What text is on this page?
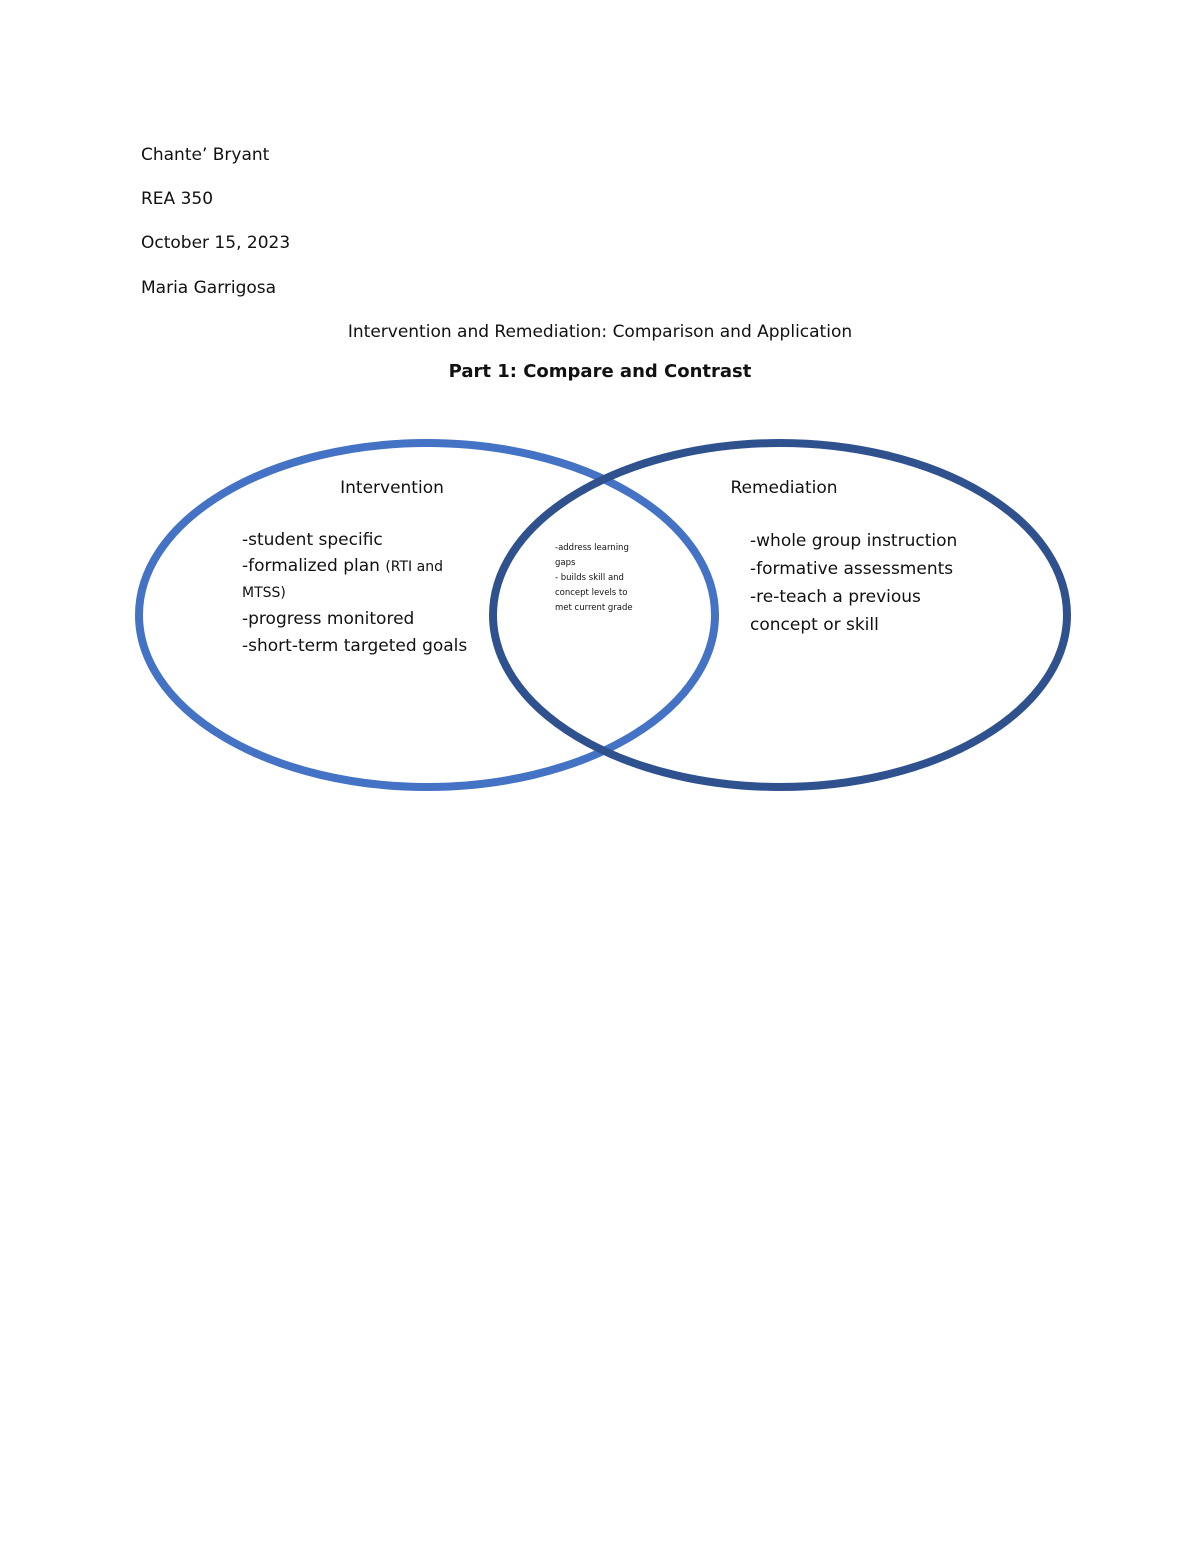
Chante’ Bryant
REA 350
October 15, 2023
Maria Garrigosa
Intervention and Remediation: Comparison and Application
Part 1: Compare and Contrast
Intervention	Remediation
-student specific
-formalized plan (RTI and
MTSS)
-progress monitored
-short-term targeted goals
-address learning
gaps
- builds skill and
concept levels to
met current grade
-whole group instruction
-formative assessments
-re-teach a previous
concept or skill
